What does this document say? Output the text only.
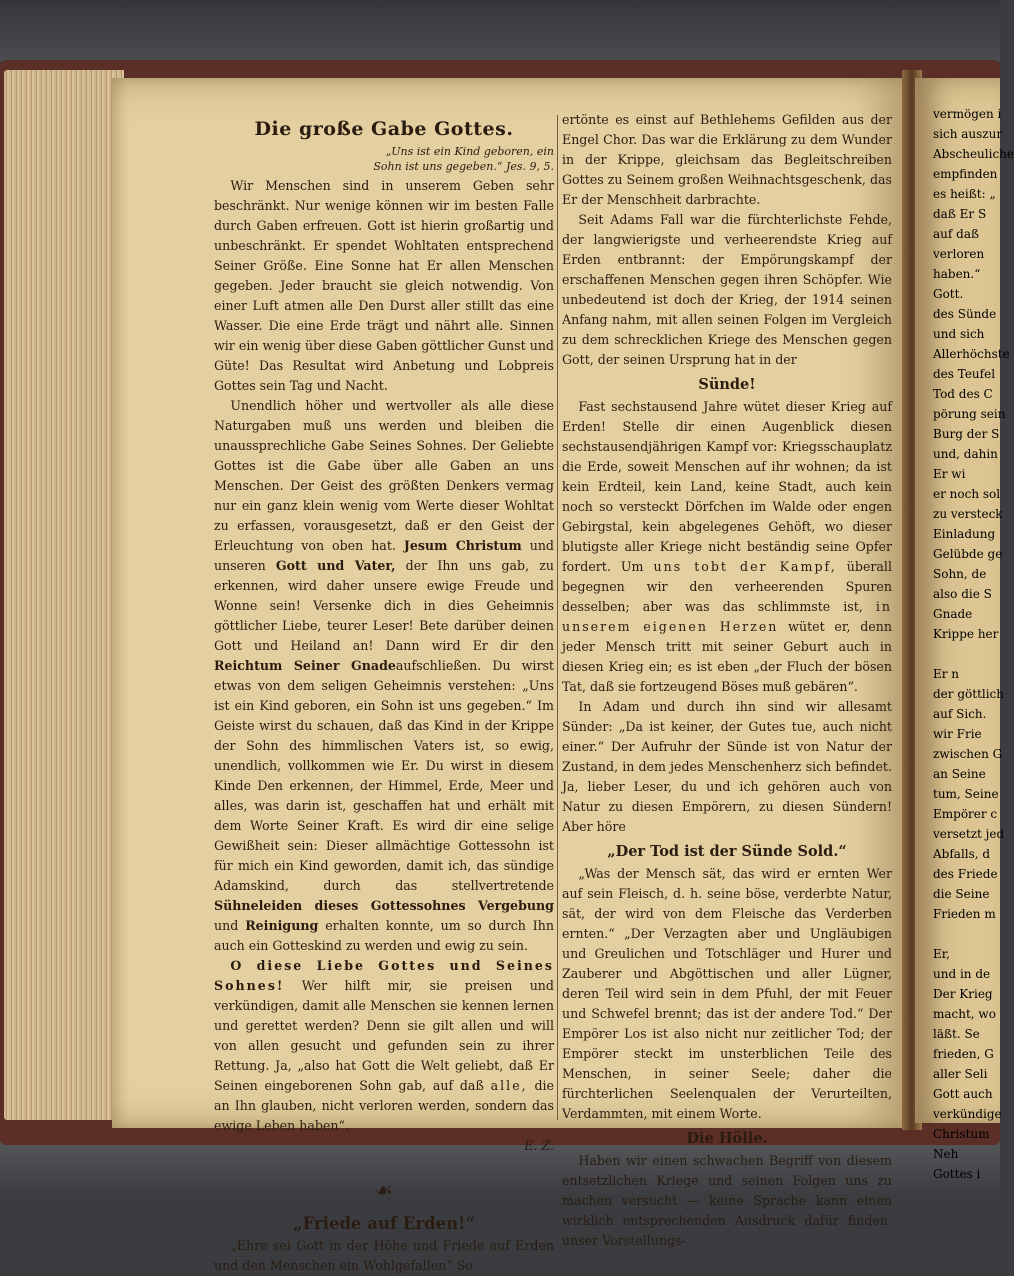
Die große Gabe Gottes.
„Uns ist ein Kind geboren, ein
Sohn ist uns gegeben.“ Jes. 9, 5.

Wir Menschen sind in unserem Geben sehr beschränkt. Nur wenige können wir im besten Falle durch Gaben erfreuen. Gott ist hierin großartig und unbeschränkt. Er spendet Wohltaten entsprechend Seiner Größe. Eine Sonne hat Er allen Menschen gegeben. Jeder braucht sie gleich notwendig. Von einer Luft atmen alle Den Durst aller stillt das eine Wasser. Die eine Erde trägt und nährt alle. Sinnen wir ein wenig über diese Gaben göttlicher Gunst und Güte! Das Resultat wird Anbetung und Lobpreis Gottes sein Tag und Nacht.

Unendlich höher und wertvoller als alle diese Naturgaben muß uns werden und bleiben die unaussprechliche Gabe Seines Sohnes. Der Geliebte Gottes ist die Gabe über alle Gaben an uns Menschen. Der Geist des größten Denkers vermag nur ein ganz klein wenig vom Werte dieser Wohltat zu erfassen, vorausgesetzt, daß er den Geist der Erleuchtung von oben hat. Jesum Christum und unseren Gott und Vater, der Ihn uns gab, zu erkennen, wird daher unsere ewige Freude und Wonne sein! Versenke dich in dies Geheimnis göttlicher Liebe, teurer Leser! Bete darüber deinen Gott und Heiland an! Dann wird Er dir den Reichtum Seiner Gnadeaufschließen. Du wirst etwas von dem seligen Geheimnis verstehen: „Uns ist ein Kind geboren, ein Sohn ist uns gegeben.“ Im Geiste wirst du schauen, daß das Kind in der Krippe der Sohn des himmlischen Vaters ist, so ewig, unendlich, vollkommen wie Er. Du wirst in diesem Kinde Den erkennen, der Himmel, Erde, Meer und alles, was darin ist, geschaffen hat und erhält mit dem Worte Seiner Kraft. Es wird dir eine selige Gewißheit sein: Dieser allmächtige Gottessohn ist für mich ein Kind geworden, damit ich, das sündige Adamskind, durch das stellvertretende Sühneleiden dieses Gottessohnes Vergebung und Reinigung erhalten konnte, um so durch Ihn auch ein Gotteskind zu werden und ewig zu sein.

O diese Liebe Gottes und Seines Sohnes! Wer hilft mir, sie preisen und verkündigen, damit alle Menschen sie kennen lernen und gerettet werden? Denn sie gilt allen und will von allen gesucht und gefunden sein zu ihrer Rettung. Ja, „also hat Gott die Welt geliebt, daß Er Seinen eingeborenen Sohn gab, auf daß alle, die an Ihn glauben, nicht verloren werden, sondern das ewige Leben haben“.
E. Z.

☙
„Friede auf Erden!“

„Ehre sei Gott in der Höhe und Friede auf Erden und den Menschen ein Wohlgefallen“ So

ertönte es einst auf Bethlehems Gefilden aus der Engel Chor. Das war die Erklärung zu dem Wunder in der Krippe, gleichsam das Begleitschreiben Gottes zu Seinem großen Weihnachtsgeschenk, das Er der Menschheit darbrachte.

Seit Adams Fall war die fürchterlichste Fehde, der langwierigste und verheerendste Krieg auf Erden entbrannt: der Empörungskampf der erschaffenen Menschen gegen ihren Schöpfer. Wie unbedeutend ist doch der Krieg, der 1914 seinen Anfang nahm, mit allen seinen Folgen im Vergleich zu dem schrecklichen Kriege des Menschen gegen Gott, der seinen Ursprung hat in der

Sünde!

Fast sechstausend Jahre wütet dieser Krieg auf Erden! Stelle dir einen Augenblick diesen sechstausendjährigen Kampf vor: Kriegsschauplatz die Erde, soweit Menschen auf ihr wohnen; da ist kein Erdteil, kein Land, keine Stadt, auch kein noch so versteckt Dörfchen im Walde oder engen Gebirgstal, kein abgelegenes Gehöft, wo dieser blutigste aller Kriege nicht beständig seine Opfer fordert. Um uns tobt der Kampf, überall begegnen wir den verheerenden Spuren desselben; aber was das schlimmste ist, in unserem eigenen Herzen wütet er, denn jeder Mensch tritt mit seiner Geburt auch in diesen Krieg ein; es ist eben „der Fluch der bösen Tat, daß sie fortzeugend Böses muß gebären“.

In Adam und durch ihn sind wir allesamt Sünder: „Da ist keiner, der Gutes tue, auch nicht einer.“ Der Aufruhr der Sünde ist von Natur der Zustand, in dem jedes Menschenherz sich befindet. Ja, lieber Leser, du und ich gehören auch von Natur zu diesen Empörern, zu diesen Sündern! Aber höre

„Der Tod ist der Sünde Sold.“

„Was der Mensch sät, das wird er ernten Wer auf sein Fleisch, d. h. seine böse, verderbte Natur, sät, der wird von dem Fleische das Verderben ernten.“ „Der Verzagten aber und Ungläubigen und Greulichen und Totschläger und Hurer und Zauberer und Abgöttischen und aller Lügner, deren Teil wird sein in dem Pfuhl, der mit Feuer und Schwefel brennt; das ist der andere Tod.“ Der Empörer Los ist also nicht nur zeitlicher Tod; der Empörer steckt im unsterblichen Teile des Menschen, in seiner Seele; daher die fürchterlichen Seelenqualen der Verurteilten, Verdammten, mit einem Worte.

Die Hölle.

Haben wir einen schwachen Begriff von diesem entsetzlichen Kriege und seinen Folgen uns zu machen versucht — keine Sprache kann einen wirklich entsprechenden Ausdruck dafür finden. unser Vorstellungs-

vermögen i

sich auszur

Abscheuliche

empfinden

es heißt: „

daß Er S

auf daß

verloren

haben.“

Gott.

des Sünde

und sich

Allerhöchste

des Teufel

Tod des C

pörung sein

Burg der S

und, dahin

Er wi

er noch sol

zu versteck

Einladung

Gelübde ge

Sohn, de

also die S

Gnade

Krippe her

Er n

der göttlich

auf Sich.

wir Frie

zwischen G

an Seine

tum, Seine

Empörer c

versetzt jed

Abfalls, d

des Friede

die Seine

Frieden m

Er,

und in de

Der Krieg

macht, wo

läßt. Se

frieden, G

aller Seli

Gott auch

verkündige

Christum

Neh

Gottes i
